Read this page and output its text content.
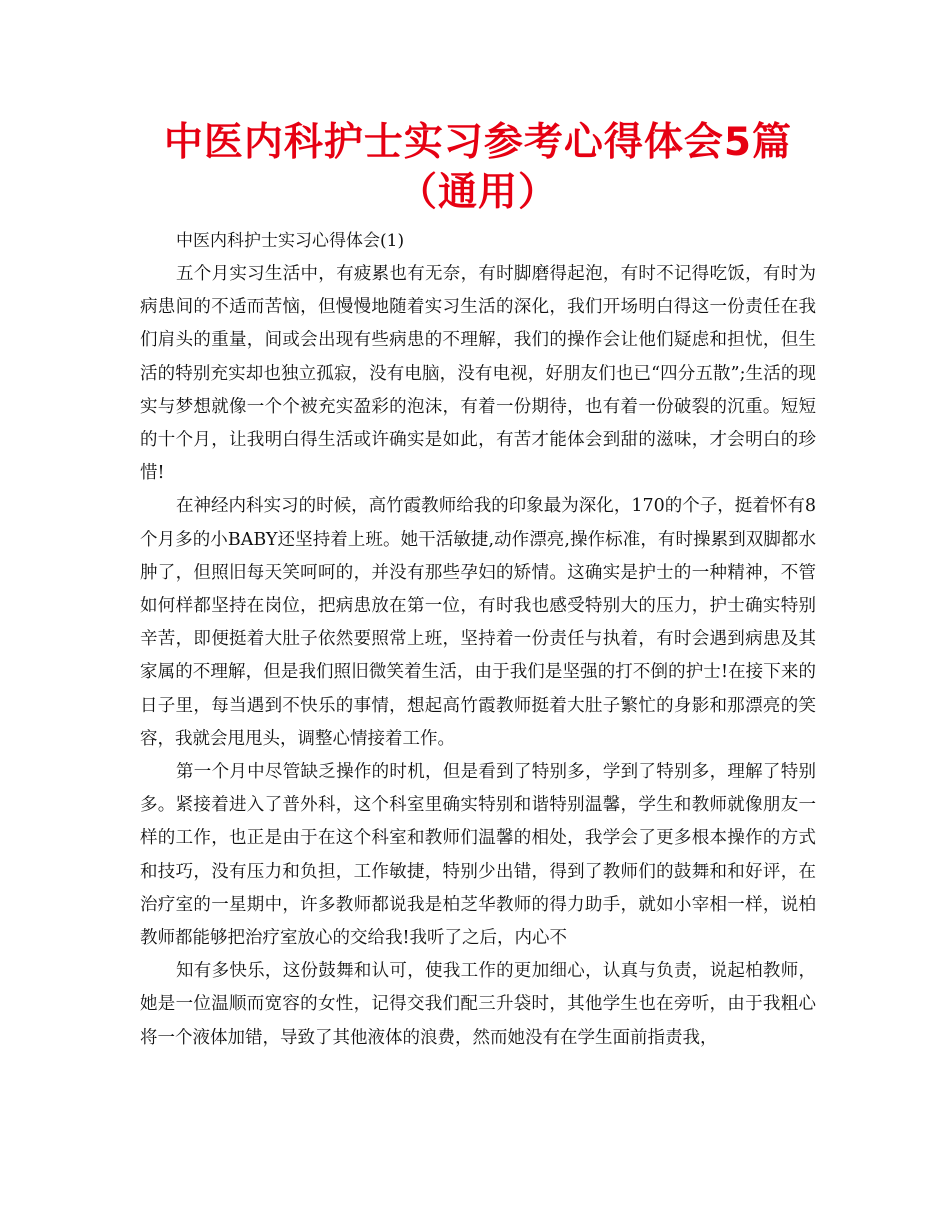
中医内科护士实习参考心得体会5篇（通用）

中医内科护士实习心得体会(1)

五个月实习生活中，有疲累也有无奈，有时脚磨得起泡，有时不记得吃饭，有时为病患间的不适而苦恼，但慢慢地随着实习生活的深化，我们开场明白得这一份责任在我们肩头的重量，间或会出现有些病患的不理解，我们的操作会让他们疑虑和担忧，但生活的特别充实却也独立孤寂，没有电脑，没有电视，好朋友们也已“四分五散”;生活的现实与梦想就像一个个被充实盈彩的泡沫，有着一份期待，也有着一份破裂的沉重。短短的十个月，让我明白得生活或许确实是如此，有苦才能体会到甜的滋味，才会明白的珍惜!

在神经内科实习的时候，高竹霞教师给我的印象最为深化，170的个子，挺着怀有8个月多的小BABY还坚持着上班。她干活敏捷,动作漂亮,操作标准，有时操累到双脚都水肿了，但照旧每天笑呵呵的，并没有那些孕妇的矫情。这确实是护士的一种精神，不管如何样都坚持在岗位，把病患放在第一位，有时我也感受特别大的压力，护士确实特别辛苦，即便挺着大肚子依然要照常上班，坚持着一份责任与执着，有时会遇到病患及其家属的不理解，但是我们照旧微笑着生活，由于我们是坚强的打不倒的护士!在接下来的日子里，每当遇到不快乐的事情，想起高竹霞教师挺着大肚子繁忙的身影和那漂亮的笑容，我就会甩甩头，调整心情接着工作。

第一个月中尽管缺乏操作的时机，但是看到了特别多，学到了特别多，理解了特别多。紧接着进入了普外科，这个科室里确实特别和谐特别温馨，学生和教师就像朋友一样的工作，也正是由于在这个科室和教师们温馨的相处，我学会了更多根本操作的方式和技巧，没有压力和负担，工作敏捷，特别少出错，得到了教师们的鼓舞和和好评，在治疗室的一星期中，许多教师都说我是柏芝华教师的得力助手，就如小宰相一样，说柏教师都能够把治疗室放心的交给我!我听了之后，内心不

知有多快乐，这份鼓舞和认可，使我工作的更加细心，认真与负责，说起柏教师，她是一位温顺而宽容的女性，记得交我们配三升袋时，其他学生也在旁听，由于我粗心将一个液体加错，导致了其他液体的浪费，然而她没有在学生面前指责我，
